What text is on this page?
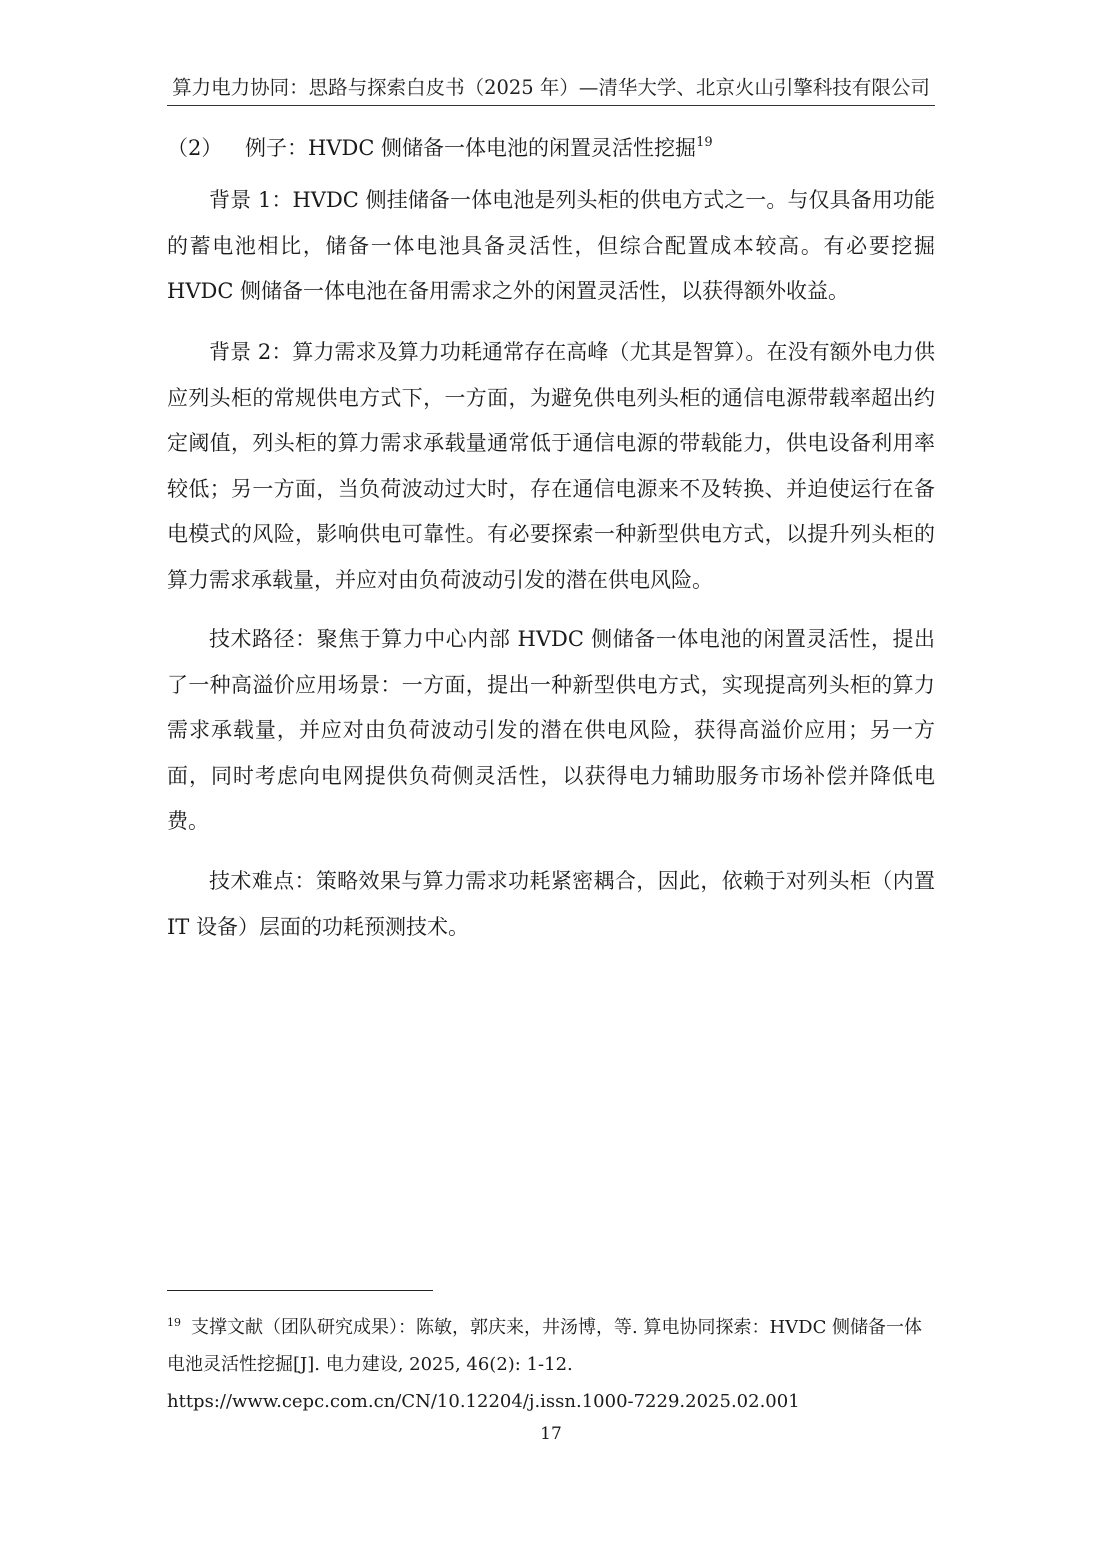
算力电力协同：思路与探索白皮书（2025 年）—清华大学、北京火山引擎科技有限公司
（2） 例子：HVDC 侧储备一体电池的闲置灵活性挖掘$^{19}$

背景 1：HVDC 侧挂储备一体电池是列头柜的供电方式之一。与仅具备用功能的蓄电池相比，储备一体电池具备灵活性，但综合配置成本较高。有必要挖掘 HVDC 侧储备一体电池在备用需求之外的闲置灵活性，以获得额外收益。

背景 2：算力需求及算力功耗通常存在高峰（尤其是智算）。在没有额外电力供应列头柜的常规供电方式下，一方面，为避免供电列头柜的通信电源带载率超出约定阈值，列头柜的算力需求承载量通常低于通信电源的带载能力，供电设备利用率较低；另一方面，当负荷波动过大时，存在通信电源来不及转换、并迫使运行在备电模式的风险，影响供电可靠性。有必要探索一种新型供电方式，以提升列头柜的算力需求承载量，并应对由负荷波动引发的潜在供电风险。

技术路径：聚焦于算力中心内部 HVDC 侧储备一体电池的闲置灵活性，提出了一种高溢价应用场景：一方面，提出一种新型供电方式，实现提高列头柜的算力需求承载量，并应对由负荷波动引发的潜在供电风险，获得高溢价应用；另一方面，同时考虑向电网提供负荷侧灵活性，以获得电力辅助服务市场补偿并降低电费。

技术难点：策略效果与算力需求功耗紧密耦合，因此，依赖于对列头柜（内置 IT 设备）层面的功耗预测技术。

$^{19}$ 支撑文献（团队研究成果）：陈敏，郭庆来，井汤博，等. 算电协同探索：HVDC 侧储备一体电池灵活性挖掘[J]. 电力建设, 2025, 46(2): 1-12.
https://www.cepc.com.cn/CN/10.12204/j.issn.1000-7229.2025.02.001
17
